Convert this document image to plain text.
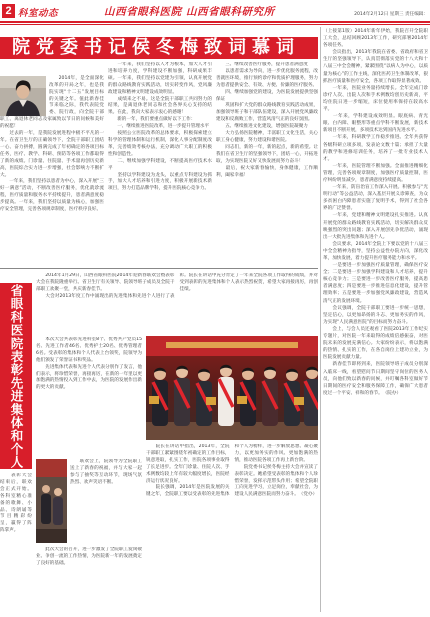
2 科室动态	山西省眼科医院 山西省眼科研究所	2014年2月12日 星期三 责任编辑：
院党委书记侯冬梅致词慕词

　　2014年，是全面深化改革的开局之年，也是我院实现“十二五”发展目标的关键之年。值此新春佳节来临之际，我代表院党委、院行政，向全院干部职工、离退休老同志及家属致以节日的问候和美好的祝愿！
　　过去的一年，是我院发展进程中极不平凡的一年。在省卫生厅的正确领导下，全院干部职工团结一心、奋力拼搏，圆满完成了年初确定的各项目标任务，医疗、教学、科研、预防等各项工作都取得了新的成绩。门诊量、住院量、手术量再创历史新高，医院综合实力进一步增强，社会影响力不断扩大。
　　一年来，我们坚持以患者为中心，深入开展“三好一满意”活动，不断改善医疗服务，优化就诊流程，医疗质量和服务水平持续提升，患者满意度稳步提高。一年来，我们坚持以质量为核心，加强医疗安全管理，完善各项规章制度，医疗秩序良好。

　　一年来，我们坚持以人才为根本，加大人才引进和培养力度，学科建设不断加强，科研成果丰硕。一年来，我们坚持以党建为引领，认真开展党的群众路线教育实践活动，切实转变作风，党风廉政建设和精神文明建设成效明显。
　　成绩来之不易。这是全院干部职工共同努力的结果，是离退休老同志和社会各界关心支持的结果。在此，我向大家表示衷心的感谢！
　　新的一年，我们要重点做好以下工作：
　　一、继续推进医院改革，进一步提升管理水平
　　按照公立医院改革的总体要求，积极探索建立科学的管理体制和运行机制，深化人事分配制度改革，完善绩效考核办法，充分调动广大职工的积极性和创造性。
　　二、继续加强学科建设，不断提高医疗技术水平
　　坚持以学科建设为龙头，以重点专科建设为抓手，加大人才培养和引进力度，积极开展新技术新项目，努力打造品牌学科，提升医院核心竞争力。
　　三、继续改善医疗服务，提升患者满意度
　　以患者需求为导向，进一步优化服务流程，改善就医环境，推行预约诊疗和优质护理服务，努力为患者提供安全、有效、方便、价廉的医疗服务。
　　四、继续加强党的建设，为医院发展提供坚强保证
　　巩固和扩大党的群众路线教育实践活动成果，加强领导班子和干部队伍建设，深入开展党风廉政建设和反腐败工作，营造风清气正的良好氛围。
　　五、继续推进文化建设，增强医院凝聚力
　　大力弘扬医院精神，丰富职工文化生活，关心职工身心健康，努力建设和谐医院。
　　同志们，新的一年，新的起点，新的希望。让我们在省卫生厅的坚强领导下，团结一心，开拓进取，为实现医院又好又快发展而努力奋斗！
　　最后，祝大家新春愉快，身体健康，工作顺利，阖家幸福！
省眼科医院表彰先进集体和个人
　　2014年1月29日，山西省眼科医院2014年迎新春联欢会暨表彰大会在我院隆重举行。省卫生厅有关领导、院领导班子成员及全院干部职工欢聚一堂，共庆新春佳节。
　　大会对2013年度工作中涌现出的先进集体和先进个人进行了表彰。院长在讲话中充分肯定了一年来全院各项工作取得的成绩，并对受到表彰的先进集体和个人表示热烈祝贺，希望大家再接再厉，再创佳绩。
　　本次大会共表彰先进科室8个、优秀共产党员15名、先进工作者46名、优秀护士20名、优秀管理者6名。受表彰的集体和个人代表上台领奖，院领导为他们颁发了荣誉证书和奖品。
　　先进集体代表和先进个人代表分别作了发言，他们表示，将珍惜荣誉，再接再厉，在新的一年里以更加饱满的热情投入到工作中去，为医院的发展作出新的更大的贡献。
　　表彰大会结束后，联欢会正式开始。各科室精心准备的歌舞、小品、诗朗诵等节目精彩纷呈，赢得了阵阵掌声。
　　联欢会上，院领导为全院职工送上了新春的祝福，并与大家一起参与了抽奖等互动环节，现场气氛热烈、欢声笑语不断。
　　此次大会的召开，进一步激发了全院职工爱岗敬业、争创一流的工作热情，为医院新一年的发展奠定了良好的基础。
　　院长在讲话中指出，2013年，全院干部职工紧紧围绕年初确定的工作目标，锐意进取，扎实工作，医院各项事业取得了长足进步。全年门诊量、住院人次、手术例数均较上年有较大幅度增长，医院经济运行状况良好。
　　院长强调，2014年是医院发展的关键之年，全院职工要以受表彰的先进集体和个人为榜样，进一步解放思想、凝心聚力，以更加务实的作风、更加饱满的热情，推动医院各项工作再上新台阶。
　　院党委书记侯冬梅主持大会并宣读了表彰决定。她希望受表彰的集体和个人珍惜荣誉，发挥示范带头作用；希望全院职工向先进学习，立足岗位，奉献社会，为建设人民满意医院而努力奋斗。　（党办）
（上接第1版）2014年新年伊始，我院召开全院职工大会，总结回顾2013年工作，研究部署2014年各项任务。
　　会议指出，2013年我院在省委、省政府和省卫生厅的坚强领导下，认真贯彻落实党的十八大和十八届三中全会精神，紧紧围绕“以病人为中心，以质量为核心”的工作主线，深化医药卫生体制改革，狠抓医疗质量和医疗安全，各项工作取得显著成效。
　　一年来，医院业务量持续增长。全年完成门诊诊疗人次、出院人次和手术例数均创历史新高，平均住院日进一步缩短，床位使用率保持在较高水平。
　　一年来，学科建设成效明显。眼底病、青光眼、白内障、眼整形等重点学科不断发展，新技术新项目不断开展，多项技术达到国内先进水平。
　　一年来，科研教学工作稳步推进。全年共获得各级科研立项多项，发表论文数十篇；承担了大量的教学和进修培训任务，培养了一批专业技术人才。
　　一年来，医院管理不断加强。全面推进精细化管理，完善各项规章制度，加强医疗质量控制，医疗纠纷明显减少，患者满意度持续提高。
　　一年来，防盲治盲工作深入开展。积极参与“光明行动”等公益活动，深入基层开展义诊筛查，为众多贫困白内障患者实施了复明手术，得到了社会各界的广泛赞誉。
　　一年来，党建和精神文明建设扎实推进。认真开展党的群众路线教育实践活动，切实解决群众反映强烈的突出问题；深入开展创先争优活动，涌现出一大批先进集体和先进个人。
　　会议要求，2014年全院上下要以党的十八届三中全会精神为指导，坚持公益性办院方向，深化改革，加快发展，着力提升医疗服务能力和水平。
　　一是要进一步加强医疗质量管理，确保医疗安全；二是要进一步加强学科建设和人才培养，提升核心竞争力；三是要进一步改善医疗服务，提高患者满意度；四是要进一步推进信息化建设，提升管理效率；五是要进一步加强党风廉政建设，营造风清气正的发展环境。
　　会议强调，全院干部职工要进一步统一思想，坚定信心，以更加昂扬的斗志、更加务实的作风，为实现“人民满意医院”的目标而努力奋斗。
　　会上，与会人员还观看了医院2013年工作纪实专题片，对医院一年来取得的成绩倍感振奋，对医院未来的发展充满信心。大家纷纷表示，将以饱满的热情、扎实的工作，在各自岗位上建功立业，为医院发展贡献力量。
　　新春佳节即将到来，医院领导班子成员分别深入临床一线，看望慰问节日期间坚守岗位的医务人员，向他们致以新春的问候，并叮嘱各科室做好节日期间的医疗安全和服务保障工作，确保广大患者度过一个平安、祥和的春节。　（院办）
